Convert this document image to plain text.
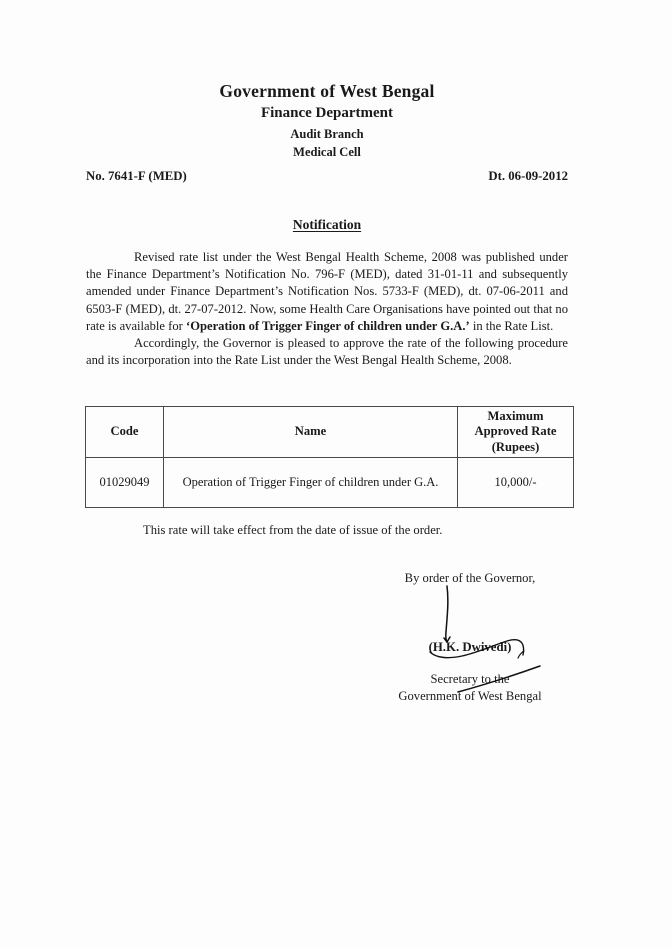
Government of West Bengal
Finance Department
Audit Branch
Medical Cell
No. 7641-F (MED)	Dt. 06-09-2012
Notification

Revised rate list under the West Bengal Health Scheme, 2008 was published under the Finance Department’s Notification No. 796-F (MED), dated 31-01-11 and subsequently amended under Finance Department’s Notification Nos. 5733-F (MED), dt. 07-06-2011 and 6503-F (MED), dt. 27-07-2012. Now, some Health Care Organisations have pointed out that no rate is available for ‘Operation of Trigger Finger of children under G.A.’ in the Rate List.

Accordingly, the Governor is pleased to approve the rate of the following procedure and its incorporation into the Rate List under the West Bengal Health Scheme, 2008.

Code	Name	Maximum
Approved Rate
(Rupees)

01029049	Operation of Trigger Finger of children under G.A.	10,000/-
This rate will take effect from the date of issue of the order.
By order of the Governor,
(H.K. Dwivedi)
Secretary to the
Government of West Bengal
